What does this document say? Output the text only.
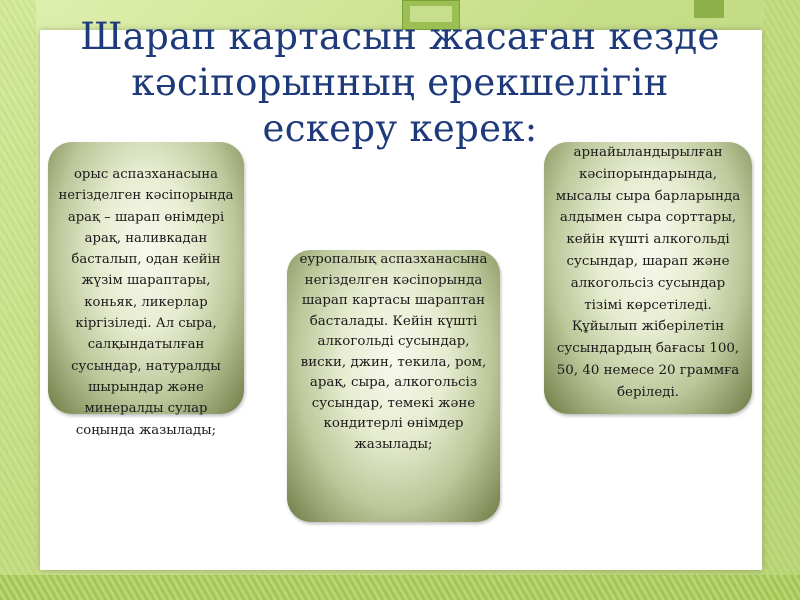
Шарап картасын жасаған кезде кәсіпорынның ерекшелігін ескеру керек:

орыс аспазханасына негізделген кәсіпорында арақ – шарап өнімдері арақ, наливкадан басталып, одан кейін жүзім шараптары, коньяк, ликерлар кіргізіледі. Ал сыра, салқындатылған сусындар, натуралды шырындар және минералды сулар соңында жазылады;

еуропалық аспазханасына негізделген кәсіпорында шарап картасы шараптан басталады. Кейін күшті алкогольді сусындар, виски, джин, текила, ром, арақ, сыра, алкогольсіз сусындар, темекі және кондитерлі өнімдер жазылады;

арнайыландырылған кәсіпорындарында, мысалы сыра барларында алдымен сыра сорттары, кейін күшті алкогольді сусындар, шарап және алкогольсіз сусындар тізімі көрсетіледі. Құйылып жіберілетін сусындардың бағасы 100, 50, 40 немесе 20 граммға беріледі.
